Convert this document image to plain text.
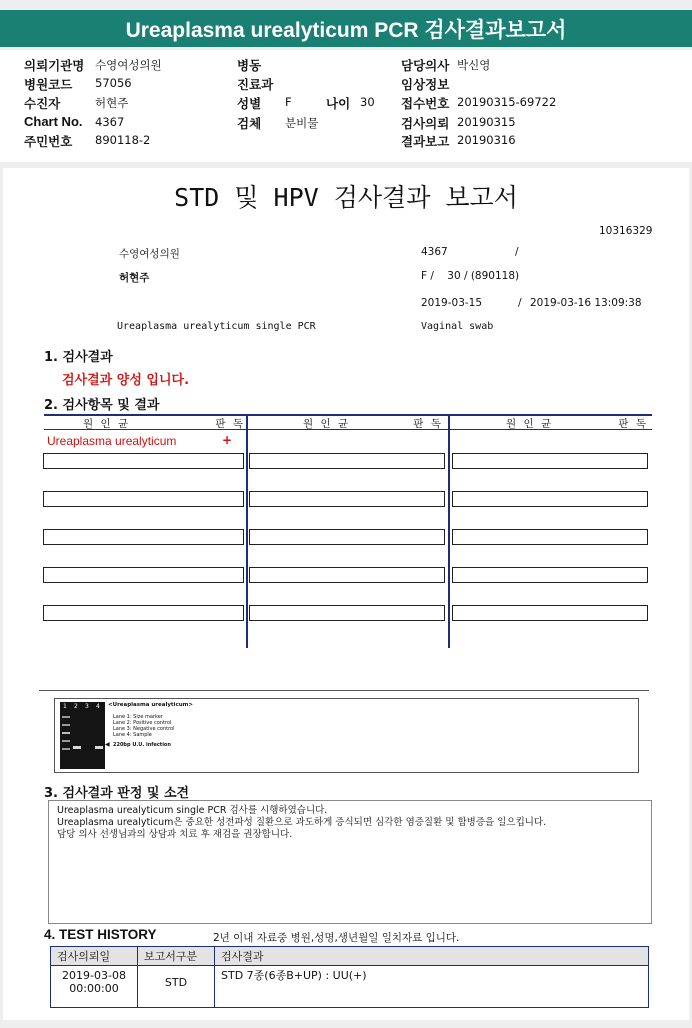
Ureaplasma urealyticum PCR 검사결과보고서
의뢰기관명 수영여성의원
병원코드 57056
수진자	허현주
Chart No. 4367
주민번호 890118-2
병동
진료과
성별 F	나이 30
검체 분비물
담당의사 박신영
임상정보
접수번호 20190315-69722
검사의뢰 20190315
결과보고 20190316
STD 및 HPV 검사결과 보고서
10316329
수영여성의원	4367	/
허현주	F /    30 / (890118)
2019-03-15	/ 2019-03-16 13:09:38
Ureaplasma urealyticum single PCR	Vaginal swab
1. 검사결과
검사결과 양성 입니다.
2. 검사항목 및 결과
원 인 균	판 독	원 인 균	판 독	원 인 균	판 독
Ureaplasma urealyticum	+
1 2 3 4 <Ureaplasma urealyticum>
Lane 1: Size marker
Lane 2: Positive control
Lane 3: Negative control
Lane 4: Sample
◀ 220bp U.U. infection
3. 검사결과 판정 및 소견
Ureaplasma urealyticum single PCR 검사를 시행하였습니다.
Ureaplasma urealyticum은 중요한 성전파성 질환으로 과도하게 증식되면 심각한 염증질환 및 합병증을 일으킵니다.
담당 의사 선생님과의 상담과 치료 후 재검을 권장합니다.
4. TEST HISTORY	2년 이내 자료중 병원,성명,생년월일 일치자료 입니다.
검사의뢰일	보고서구분	검사결과

2019-03-08
00:00:00	STD	STD 7종(6종B+UP) : UU(+)
